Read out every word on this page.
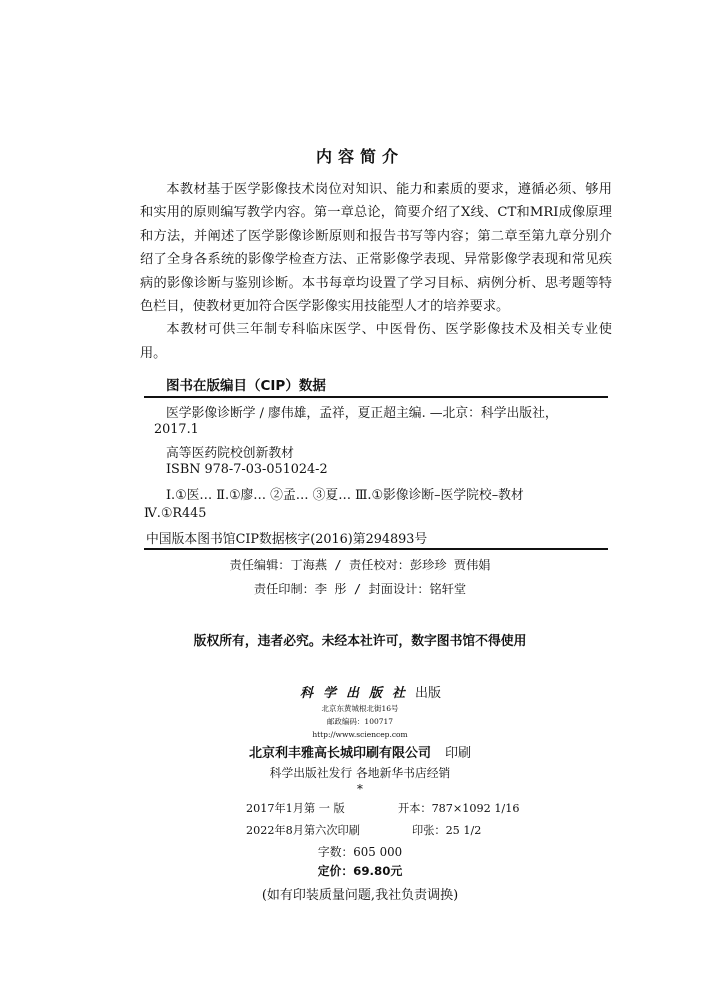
内容简介

本教材基于医学影像技术岗位对知识、能力和素质的要求，遵循必须、够用和实用的原则编写教学内容。第一章总论，简要介绍了X线、CT和MRI成像原理和方法，并阐述了医学影像诊断原则和报告书写等内容；第二章至第九章分别介绍了全身各系统的影像学检查方法、正常影像学表现、异常影像学表现和常见疾病的影像诊断与鉴别诊断。本书每章均设置了学习目标、病例分析、思考题等特色栏目，使教材更加符合医学影像实用技能型人才的培养要求。

本教材可供三年制专科临床医学、中医骨伤、医学影像技术及相关专业使用。

图书在版编目（CIP）数据
医学影像诊断学 / 廖伟雄，孟祥，夏正超主编. —北京：科学出版社，
2017.1
高等医药院校创新教材
ISBN 978-7-03-051024-2
Ⅰ.①医… Ⅱ.①廖… ②孟… ③夏… Ⅲ.①影像诊断–医学院校–教材
Ⅳ.①R445
中国版本图书馆CIP数据核字(2016)第294893号
责任编辑：丁海燕 / 责任校对：彭珍珍 贾伟娟
责任印制：李 彤 / 封面设计：铭轩堂
版权所有，违者必究。未经本社许可，数字图书馆不得使用
科学出版社出版
北京东黄城根北街16号
邮政编码：100717
http://www.sciencep.com
北京利丰雅高长城印刷有限公司 印刷
科学出版社发行 各地新华书店经销
*
2017年1月第 一 版	开本：787×1092 1/16
2022年8月第六次印刷	印张：25 1/2
字数：605 000
定价：69.80元
(如有印装质量问题,我社负责调换)
